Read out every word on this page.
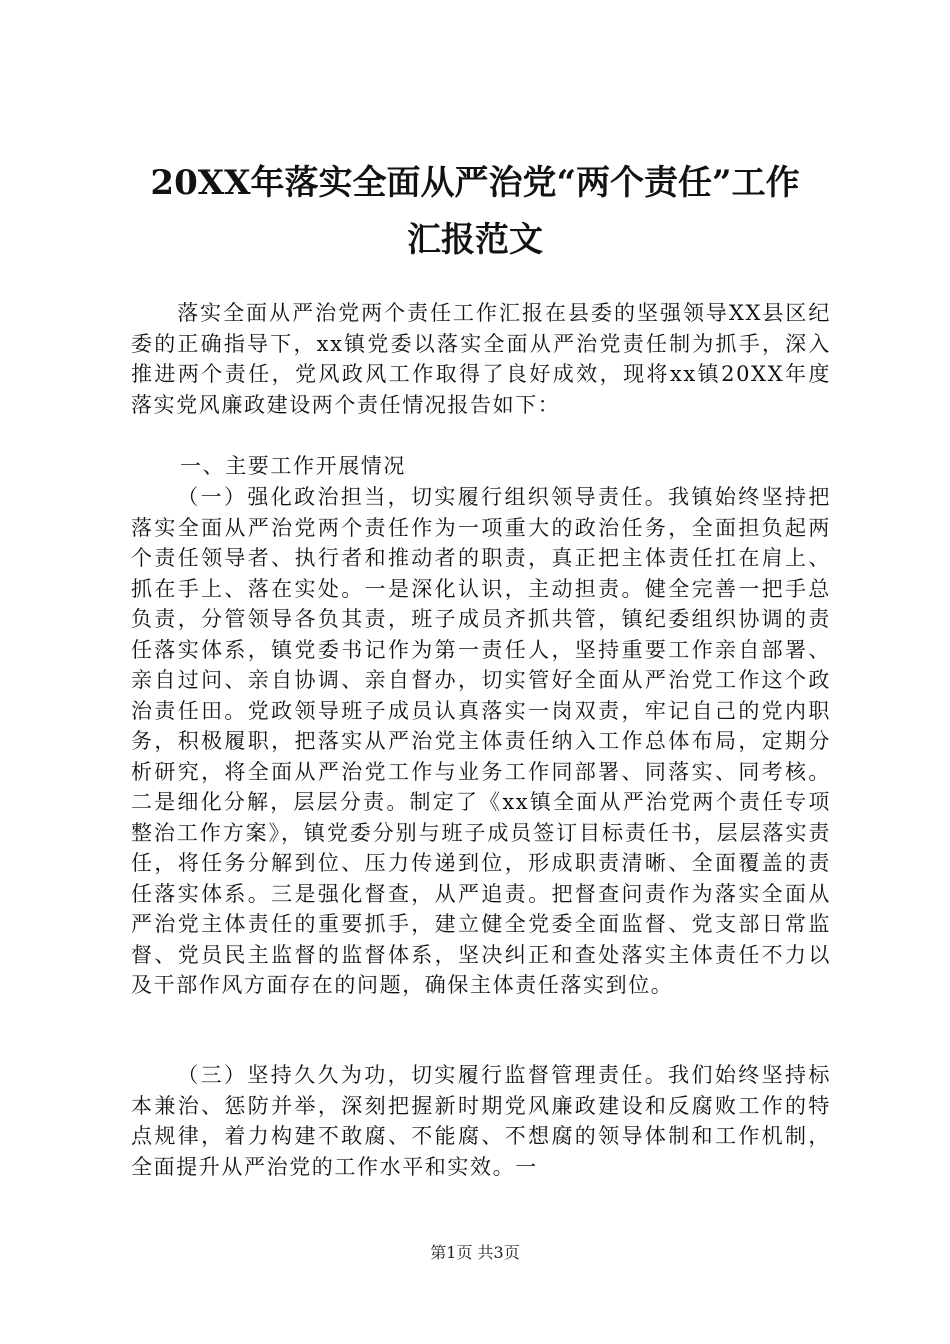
20XX年落实全面从严治党“两个责任”工作
汇报范文

落实全面从严治党两个责任工作汇报在县委的坚强领导XX县区纪委的正确指导下，xx镇党委以落实全面从严治党责任制为抓手，深入推进两个责任，党风政风工作取得了良好成效，现将xx镇20XX年度落实党风廉政建设两个责任情况报告如下：

一、主要工作开展情况

（一）强化政治担当，切实履行组织领导责任。我镇始终坚持把落实全面从严治党两个责任作为一项重大的政治任务，全面担负起两个责任领导者、执行者和推动者的职责，真正把主体责任扛在肩上、抓在手上、落在实处。一是深化认识，主动担责。健全完善一把手总负责，分管领导各负其责，班子成员齐抓共管，镇纪委组织协调的责任落实体系，镇党委书记作为第一责任人，坚持重要工作亲自部署、亲自过问、亲自协调、亲自督办，切实管好全面从严治党工作这个政治责任田。党政领导班子成员认真落实一岗双责，牢记自己的党内职务，积极履职，把落实从严治党主体责任纳入工作总体布局，定期分析研究，将全面从严治党工作与业务工作同部署、同落实、同考核。二是细化分解，层层分责。制定了《xx镇全面从严治党两个责任专项整治工作方案》，镇党委分别与班子成员签订目标责任书，层层落实责任，将任务分解到位、压力传递到位，形成职责清晰、全面覆盖的责任落实体系。三是强化督查，从严追责。把督查问责作为落实全面从严治党主体责任的重要抓手，建立健全党委全面监督、党支部日常监督、党员民主监督的监督体系，坚决纠正和查处落实主体责任不力以及干部作风方面存在的问题，确保主体责任落实到位。

（三）坚持久久为功，切实履行监督管理责任。我们始终坚持标本兼治、惩防并举，深刻把握新时期党风廉政建设和反腐败工作的特点规律，着力构建不敢腐、不能腐、不想腐的领导体制和工作机制，全面提升从严治党的工作水平和实效。一

第1页 共3页
